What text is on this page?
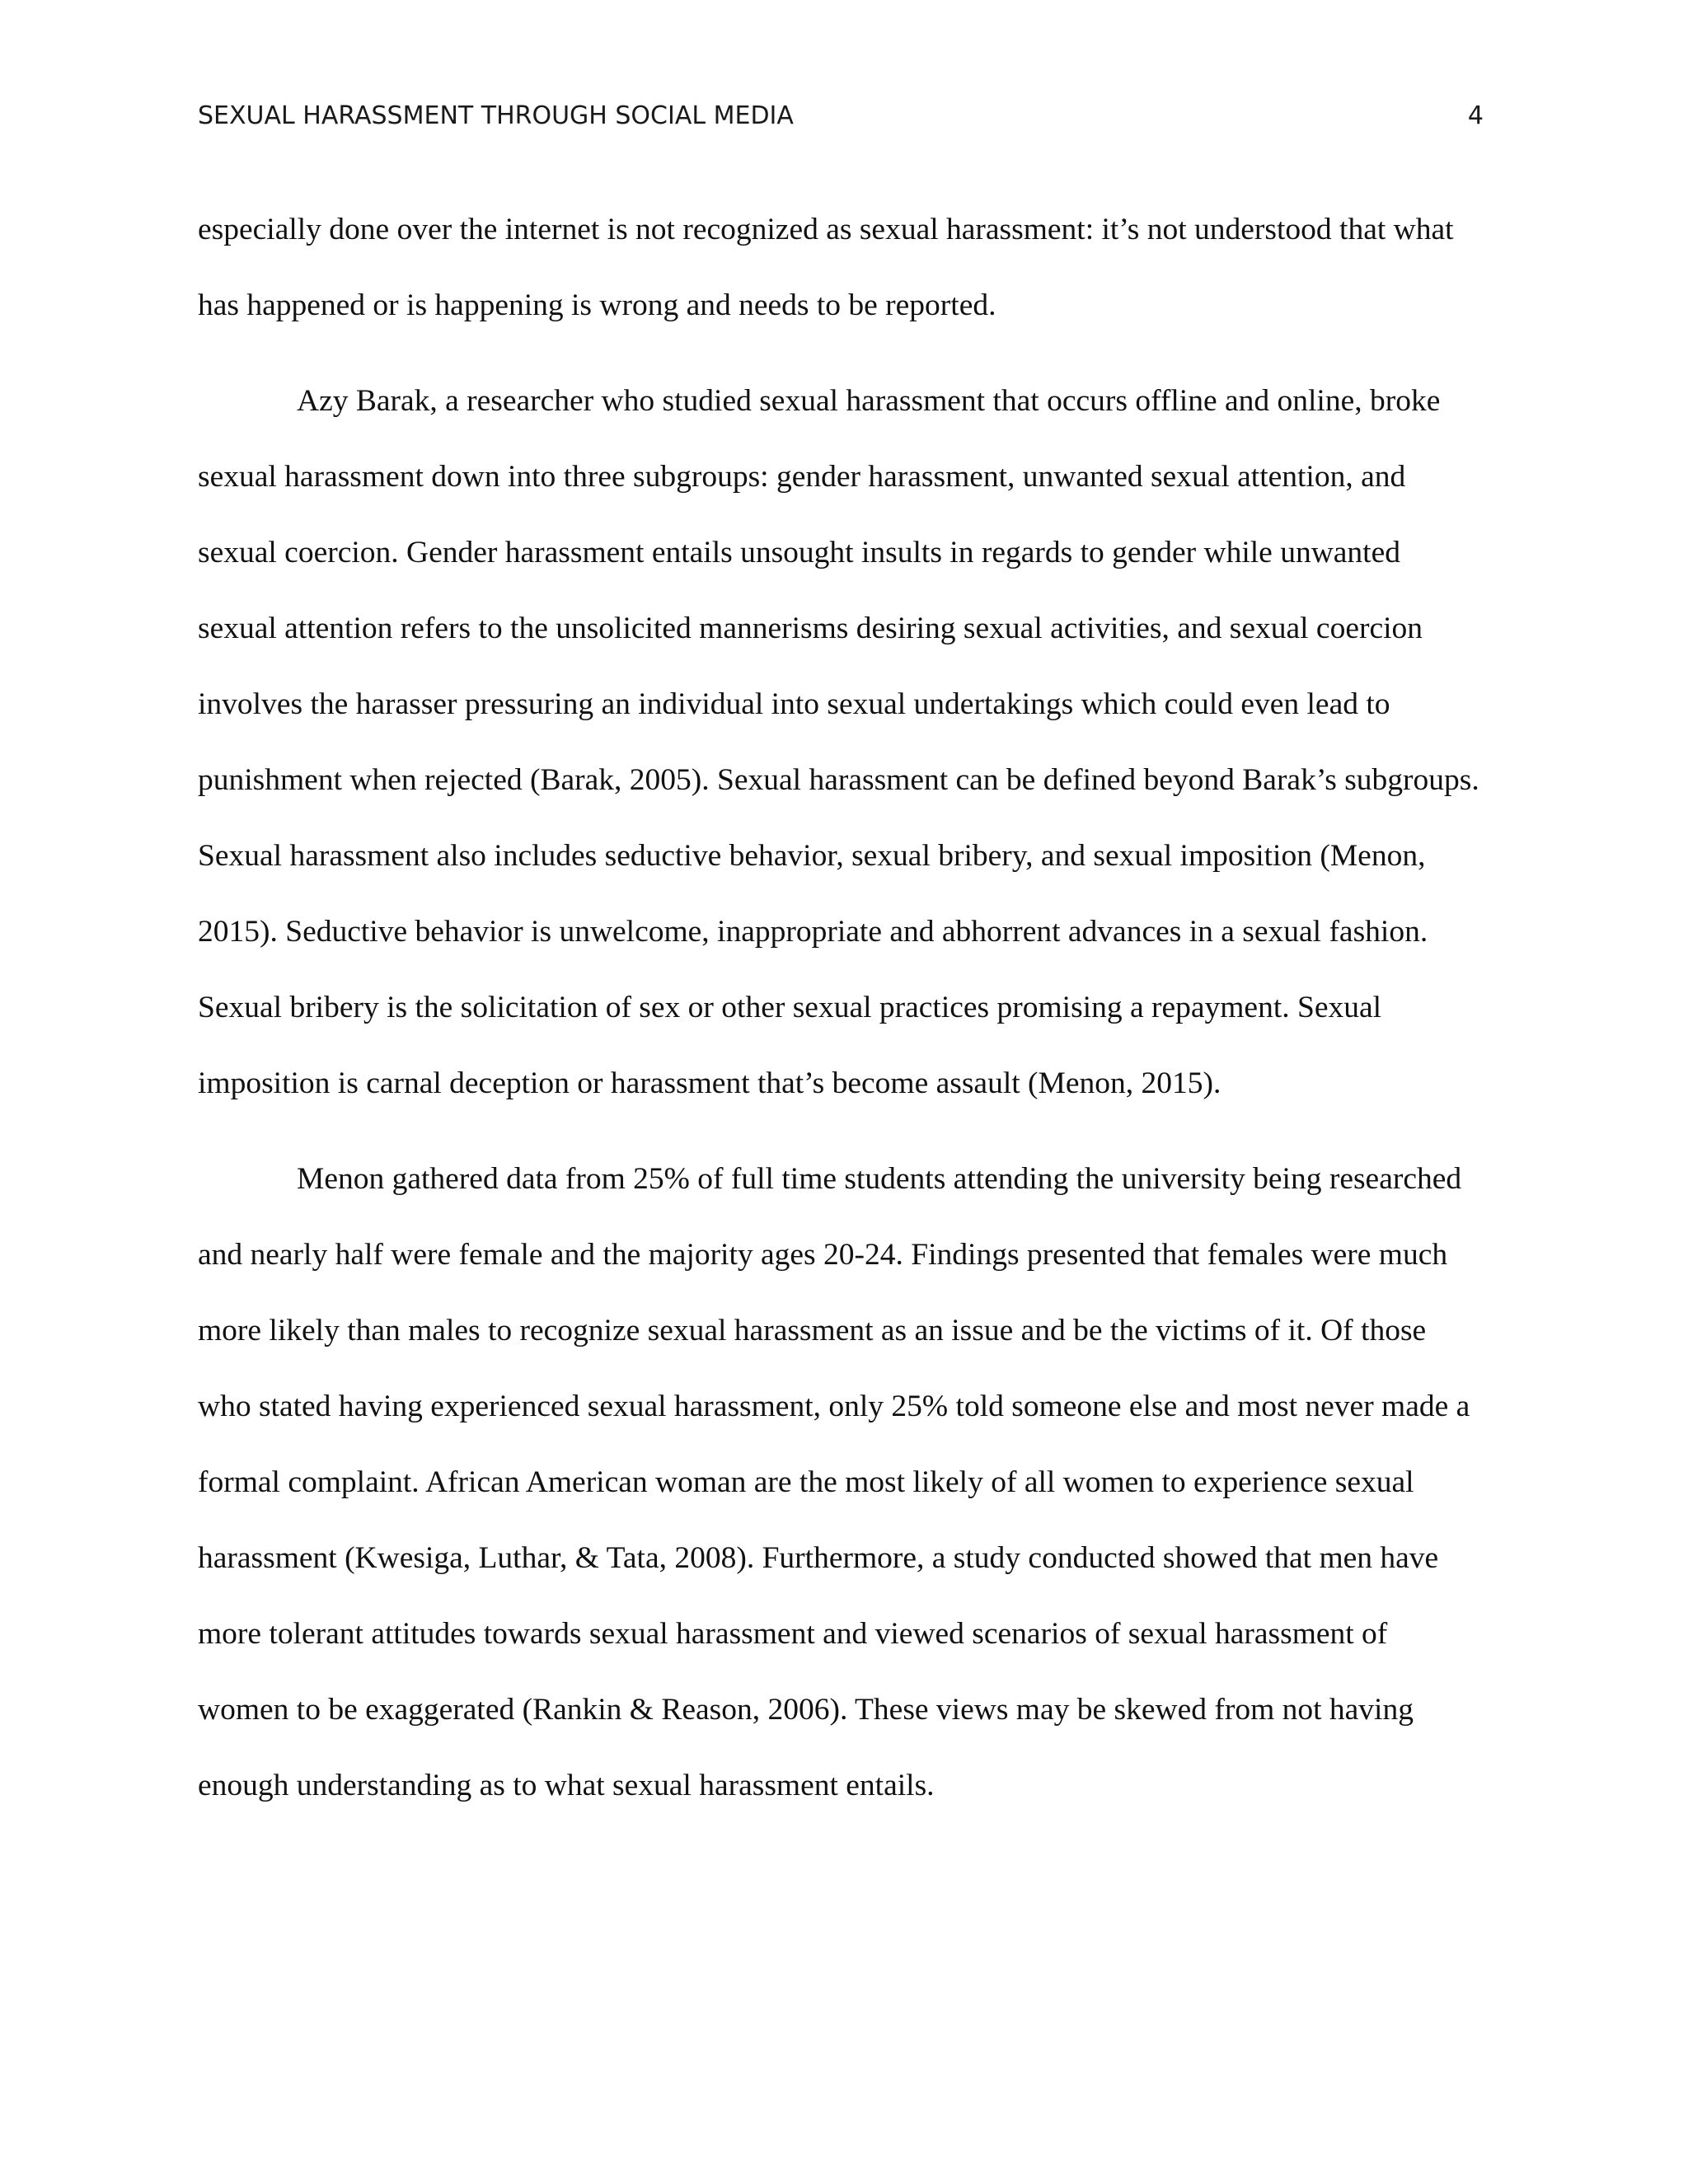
SEXUAL HARASSMENT THROUGH SOCIAL MEDIA	4

especially done over the internet is not recognized as sexual harassment: it’s not understood that what has happened or is happening is wrong and needs to be reported.

Azy Barak, a researcher who studied sexual harassment that occurs offline and online, broke sexual harassment down into three subgroups: gender harassment, unwanted sexual attention, and sexual coercion. Gender harassment entails unsought insults in regards to gender while unwanted sexual attention refers to the unsolicited mannerisms desiring sexual activities, and sexual coercion involves the harasser pressuring an individual into sexual undertakings which could even lead to punishment when rejected (Barak, 2005). Sexual harassment can be defined beyond Barak’s subgroups. Sexual harassment also includes seductive behavior, sexual bribery, and sexual imposition (Menon, 2015). Seductive behavior is unwelcome, inappropriate and abhorrent advances in a sexual fashion. Sexual bribery is the solicitation of sex or other sexual practices promising a repayment. Sexual imposition is carnal deception or harassment that’s become assault (Menon, 2015).

Menon gathered data from 25% of full time students attending the university being researched and nearly half were female and the majority ages 20-24. Findings presented that females were much more likely than males to recognize sexual harassment as an issue and be the victims of it. Of those who stated having experienced sexual harassment, only 25% told someone else and most never made a formal complaint. African American woman are the most likely of all women to experience sexual harassment (Kwesiga, Luthar, & Tata, 2008). Furthermore, a study conducted showed that men have more tolerant attitudes towards sexual harassment and viewed scenarios of sexual harassment of women to be exaggerated (Rankin & Reason, 2006). These views may be skewed from not having enough understanding as to what sexual harassment entails.
